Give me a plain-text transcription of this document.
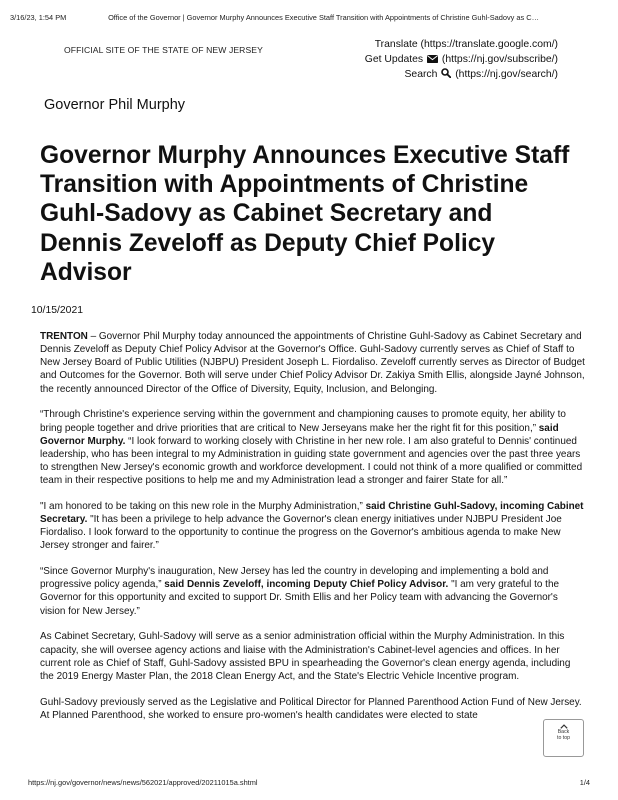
3/16/23, 1:54 PM	Office of the Governor | Governor Murphy Announces Executive Staff Transition with Appointments of Christine Guhl-Sadovy as C…
OFFICIAL SITE OF THE STATE OF NEW JERSEY	Translate (https://translate.google.com/)
Get Updates (https://nj.gov/subscribe/)
Search (https://nj.gov/search/)
Governor Phil Murphy
Governor Murphy Announces Executive Staff Transition with Appointments of Christine Guhl-Sadovy as Cabinet Secretary and Dennis Zeveloff as Deputy Chief Policy Advisor
10/15/2021

TRENTON – Governor Phil Murphy today announced the appointments of Christine Guhl-Sadovy as Cabinet Secretary and Dennis Zeveloff as Deputy Chief Policy Advisor at the Governor's Office. Guhl-Sadovy currently serves as Chief of Staff to New Jersey Board of Public Utilities (NJBPU) President Joseph L. Fiordaliso. Zeveloff currently serves as Director of Budget and Outcomes for the Governor. Both will serve under Chief Policy Advisor Dr. Zakiya Smith Ellis, alongside Jayné Johnson, the recently announced Director of the Office of Diversity, Equity, Inclusion, and Belonging.

“Through Christine's experience serving within the government and championing causes to promote equity, her ability to bring people together and drive priorities that are critical to New Jerseyans make her the right fit for this position,” said Governor Murphy. “I look forward to working closely with Christine in her new role. I am also grateful to Dennis' continued leadership, who has been integral to my Administration in guiding state government and agencies over the past three years to strengthen New Jersey's economic growth and workforce development. I could not think of a more qualified or committed team in their respective positions to help me and my Administration lead a stronger and fairer State for all.”

"I am honored to be taking on this new role in the Murphy Administration,” said Christine Guhl-Sadovy, incoming Cabinet Secretary. "It has been a privilege to help advance the Governor's clean energy initiatives under NJBPU President Joe Fiordaliso. I look forward to the opportunity to continue the progress on the Governor's ambitious agenda to make New Jersey stronger and fairer.”

“Since Governor Murphy's inauguration, New Jersey has led the country in developing and implementing a bold and progressive policy agenda,” said Dennis Zeveloff, incoming Deputy Chief Policy Advisor. "I am very grateful to the Governor for this opportunity and excited to support Dr. Smith Ellis and her Policy team with advancing the Governor's vision for New Jersey.”

As Cabinet Secretary, Guhl-Sadovy will serve as a senior administration official within the Murphy Administration. In this capacity, she will oversee agency actions and liaise with the Administration's Cabinet-level agencies and offices. In her current role as Chief of Staff, Guhl-Sadovy assisted BPU in spearheading the Governor's clean energy agenda, including the 2019 Energy Master Plan, the 2018 Clean Energy Act, and the State's Electric Vehicle Incentive program.

Guhl-Sadovy previously served as the Legislative and Political Director for Planned Parenthood Action Fund of New Jersey. At Planned Parenthood, she worked to ensure pro-women's health candidates were elected to state

Back
to top
https://nj.gov/governor/news/news/562021/approved/20211015a.shtml	1/4
